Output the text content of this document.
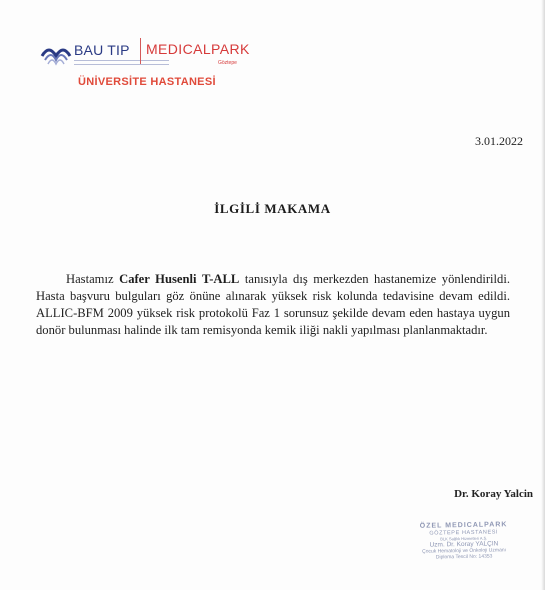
BAU TIP MEDICALPARK
Göztepe
ÜNİVERSİTE HASTANESİ
3.01.2022
İLGİLİ MAKAMA

Hastamız Cafer Husenli T-ALL tanısıyla dış merkezden hastanemize yönlendirildi. Hasta başvuru bulguları göz önüne alınarak yüksek risk kolunda tedavisine devam edildi. ALLIC-BFM 2009 yüksek risk protokolü Faz 1 sorunsuz şekilde devam eden hastaya uygun donör bulunması halinde ilk tam remisyonda kemik iliği nakli yapılması planlanmaktadır.

Dr. Koray Yalcin
ÖZEL MEDICALPARK
GÖZTEPE HASTANESİ
BLK Sağlık Hizmetleri A.Ş.
Uzm. Dr. Koray YALÇIN
Çocuk Hematoloji ve Onkoloji Uzmanı
Diploma Tescil No: 14353
